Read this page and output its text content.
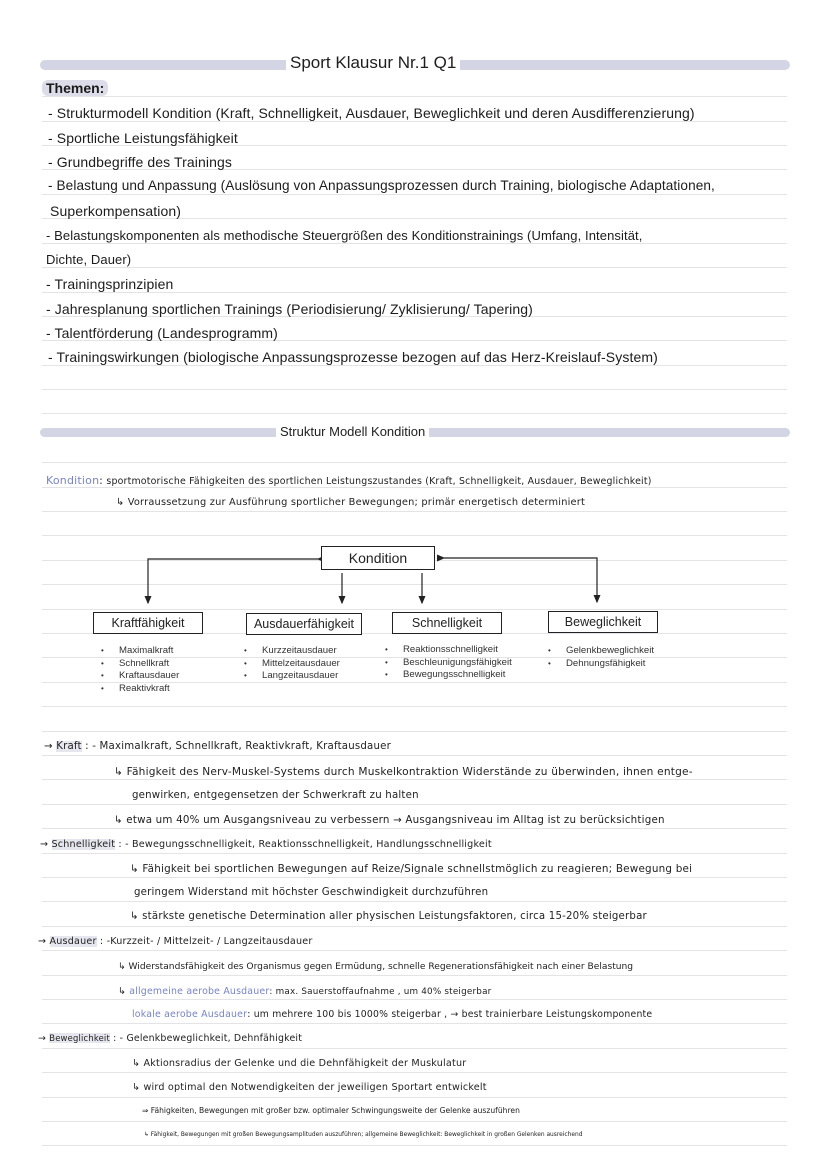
Sport Klausur Nr.1 Q1
Themen:
- Strukturmodell Kondition (Kraft, Schnelligkeit, Ausdauer, Beweglichkeit und deren Ausdifferenzierung)
- Sportliche Leistungsfähigkeit
- Grundbegriffe des Trainings
- Belastung und Anpassung (Auslösung von Anpassungsprozessen durch Training, biologische Adaptationen,
Superkompensation)
- Belastungskomponenten als methodische Steuergrößen des Konditionstrainings (Umfang, Intensität,
Dichte, Dauer)
- Trainingsprinzipien
- Jahresplanung sportlichen Trainings (Periodisierung/ Zyklisierung/ Tapering)
- Talentförderung (Landesprogramm)
- Trainingswirkungen (biologische Anpassungsprozesse bezogen auf das Herz-Kreislauf-System)
Struktur Modell Kondition
Kondition: sportmotorische Fähigkeiten des sportlichen Leistungszustandes (Kraft, Schnelligkeit, Ausdauer, Beweglichkeit)
↳ Vorraussetzung zur Ausführung sportlicher Bewegungen; primär energetisch determiniert
Kondition
Kraftfähigkeit	Ausdauerfähigkeit	Schnelligkeit	Beweglichkeit
• Maximalkraft
• Schnellkraft
• Kraftausdauer
• Reaktivkraft
• Kurzzeitausdauer
• Mittelzeitausdauer
• Langzeitausdauer
• Reaktionsschnelligkeit
• Beschleunigungsfähigkeit
• Bewegungsschnelligkeit
• Gelenkbeweglichkeit
• Dehnungsfähigkeit
→ Kraft : - Maximalkraft, Schnellkraft, Reaktivkraft, Kraftausdauer
↳ Fähigkeit des Nerv-Muskel-Systems durch Muskelkontraktion Widerstände zu überwinden, ihnen entge-
genwirken, entgegensetzen der Schwerkraft zu halten
↳ etwa um 40% um Ausgangsniveau zu verbessern → Ausgangsniveau im Alltag ist zu berücksichtigen
→ Schnelligkeit : - Bewegungsschnelligkeit, Reaktionsschnelligkeit, Handlungsschnelligkeit
↳ Fähigkeit bei sportlichen Bewegungen auf Reize/Signale schnellstmöglich zu reagieren; Bewegung bei
geringem Widerstand mit höchster Geschwindigkeit durchzuführen
↳ stärkste genetische Determination aller physischen Leistungsfaktoren, circa 15-20% steigerbar
→ Ausdauer : -Kurzzeit- / Mittelzeit- / Langzeitausdauer
↳ Widerstandsfähigkeit des Organismus gegen Ermüdung, schnelle Regenerationsfähigkeit nach einer Belastung
↳ allgemeine aerobe Ausdauer: max. Sauerstoffaufnahme , um 40% steigerbar
lokale aerobe Ausdauer: um mehrere 100 bis 1000% steigerbar , → best trainierbare Leistungskomponente
→ Beweglichkeit : - Gelenkbeweglichkeit, Dehnfähigkeit
↳ Aktionsradius der Gelenke und die Dehnfähigkeit der Muskulatur
↳ wird optimal den Notwendigkeiten der jeweiligen Sportart entwickelt
⇒ Fähigkeiten, Bewegungen mit großer bzw. optimaler Schwingungsweite der Gelenke auszuführen
↳ Fähigkeit, Bewegungen mit großen Bewegungsamplituden auszuführen; allgemeine Beweglichkeit: Beweglichkeit in großen Gelenken ausreichend
